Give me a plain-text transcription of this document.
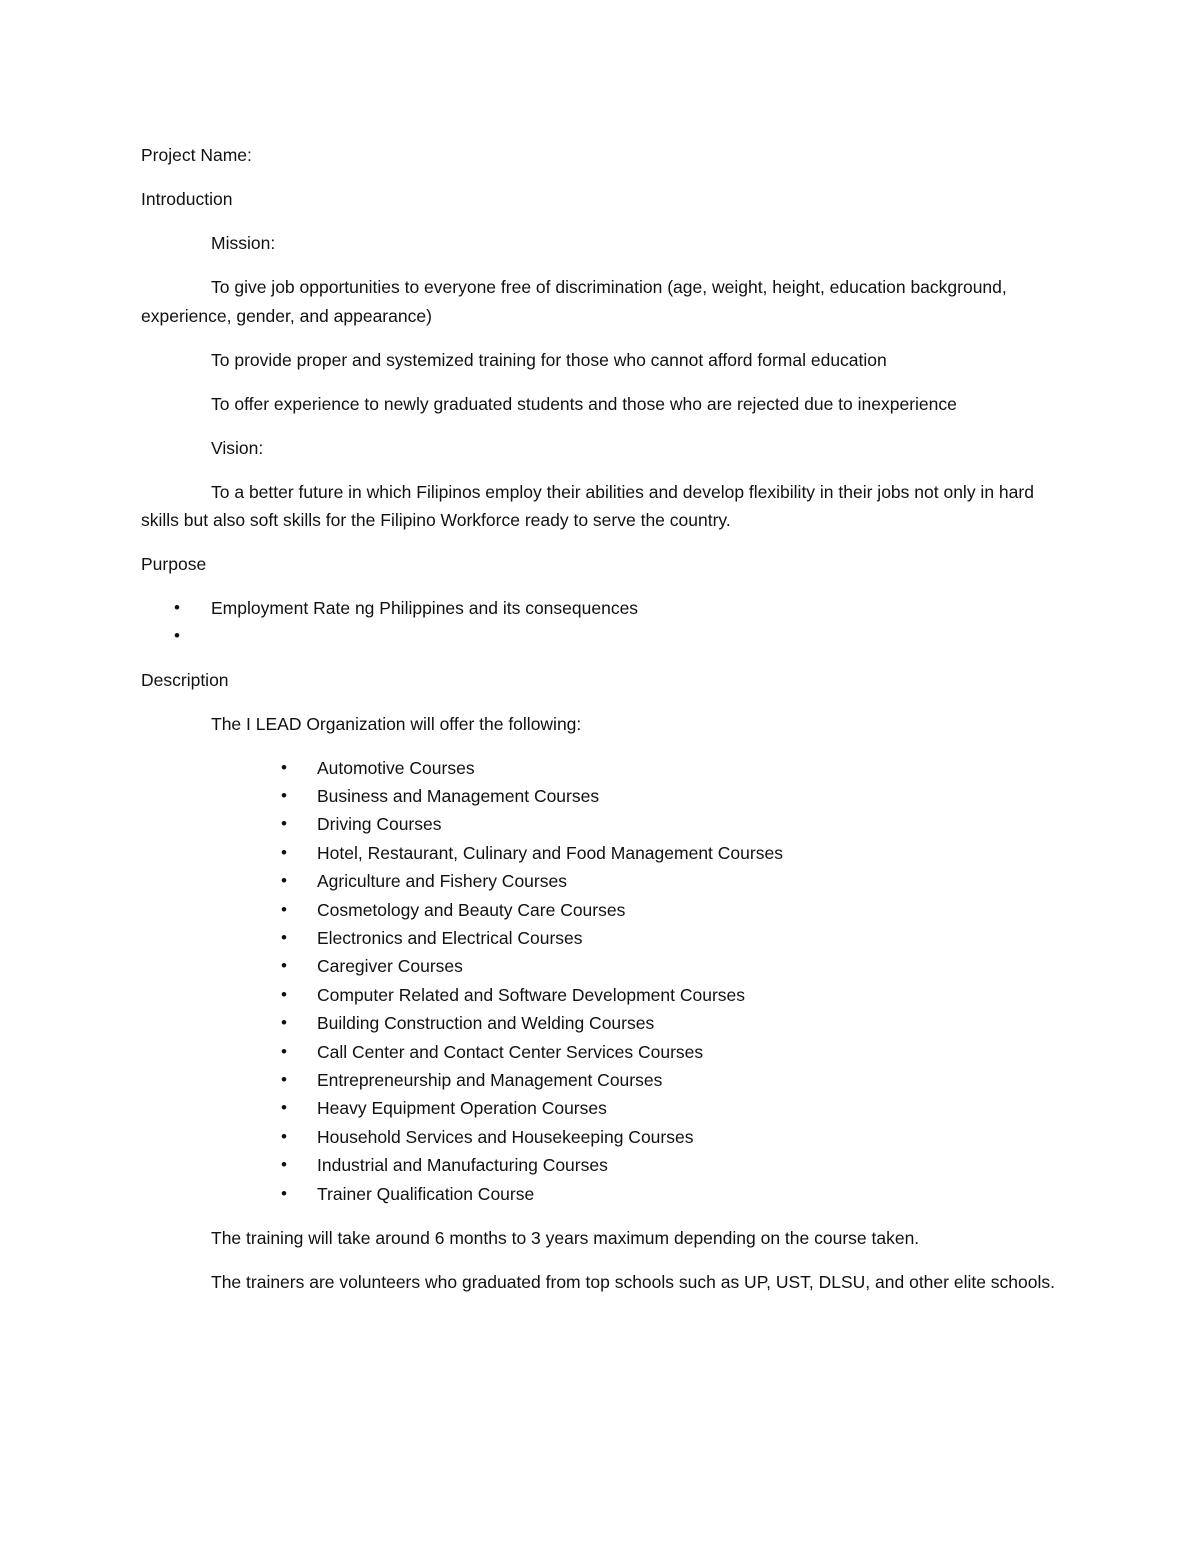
Project Name:

Introduction

Mission:

To give job opportunities to everyone free of discrimination (age, weight, height, education background, experience, gender, and appearance)

To provide proper and systemized training for those who cannot afford formal education

To offer experience to newly graduated students and those who are rejected due to inexperience

Vision:

To a better future in which Filipinos employ their abilities and develop flexibility in their jobs not only in hard skills but also soft skills for the Filipino Workforce ready to serve the country.

Purpose

• Employment Rate ng Philippines and its consequences
•

Description

The I LEAD Organization will offer the following:

• Automotive Courses
• Business and Management Courses
• Driving Courses
• Hotel, Restaurant, Culinary and Food Management Courses
• Agriculture and Fishery Courses
• Cosmetology and Beauty Care Courses
• Electronics and Electrical Courses
• Caregiver Courses
• Computer Related and Software Development Courses
• Building Construction and Welding Courses
• Call Center and Contact Center Services Courses
• Entrepreneurship and Management Courses
• Heavy Equipment Operation Courses
• Household Services and Housekeeping Courses
• Industrial and Manufacturing Courses
• Trainer Qualification Course

The training will take around 6 months to 3 years maximum depending on the course taken.

The trainers are volunteers who graduated from top schools such as UP, UST, DLSU, and other elite schools.
